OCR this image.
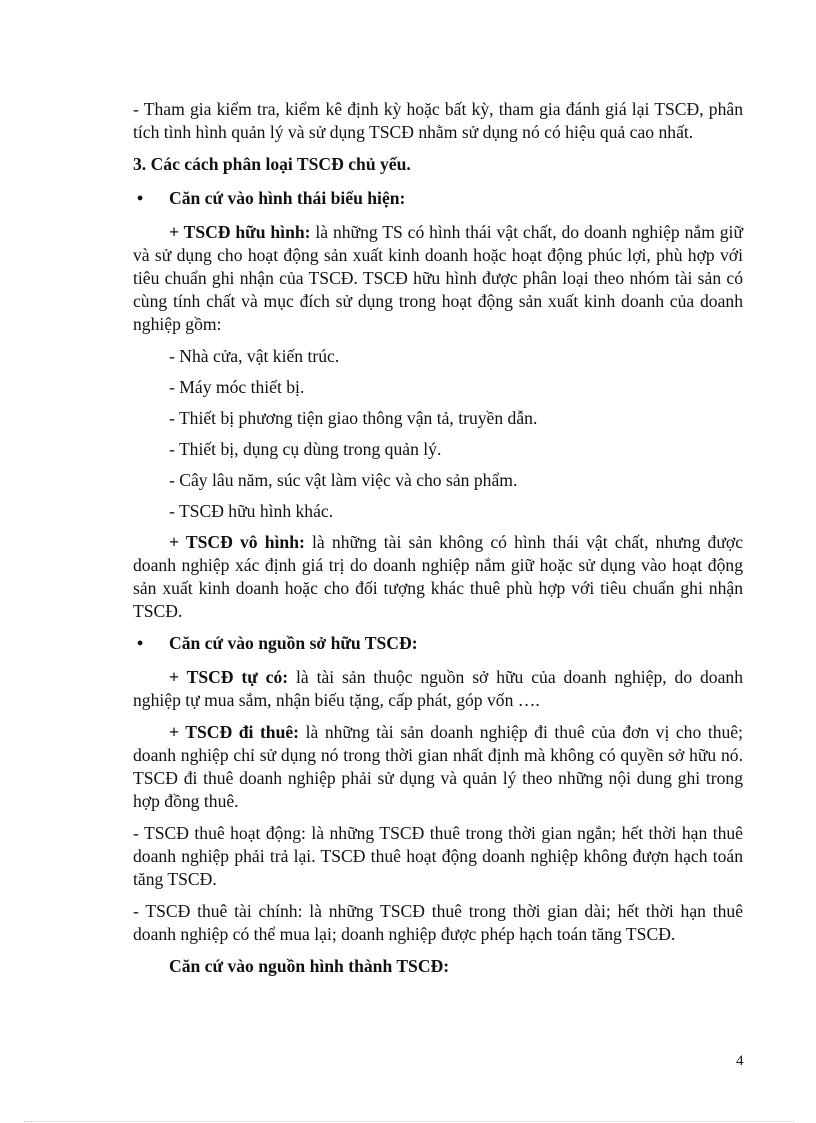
- Tham gia kiểm tra, kiểm kê định kỳ hoặc bất kỳ, tham gia đánh giá lại TSCĐ, phân tích tình hình quản lý và sử dụng TSCĐ nhằm sử dụng nó có hiệu quả cao nhất.

3. Các cách phân loại TSCĐ chủ yếu.

• Căn cứ vào hình thái biểu hiện:

+ TSCĐ hữu hình: là những TS có hình thái vật chất, do doanh nghiệp nắm giữ và sử dụng cho hoạt động sản xuất kinh doanh hoặc hoạt động phúc lợi, phù hợp với tiêu chuẩn ghi nhận của TSCĐ. TSCĐ hữu hình được phân loại theo nhóm tài sản có cùng tính chất và mục đích sử dụng trong hoạt động sản xuất kinh doanh của doanh nghiệp gồm:

- Nhà cửa, vật kiến trúc.

- Máy móc thiết bị.

- Thiết bị phương tiện giao thông vận tả, truyền dẫn.

- Thiết bị, dụng cụ dùng trong quản lý.

- Cây lâu năm, súc vật làm việc và cho sản phẩm.

- TSCĐ hữu hình khác.

+ TSCĐ vô hình: là những tài sản không có hình thái vật chất, nhưng được doanh nghiệp xác định giá trị do doanh nghiệp nắm giữ hoặc sử dụng vào hoạt động sản xuất kinh doanh hoặc cho đối tượng khác thuê phù hợp với tiêu chuẩn ghi nhận TSCĐ.

• Căn cứ vào nguồn sở hữu TSCĐ:

+ TSCĐ tự có: là tài sản thuộc nguồn sở hữu của doanh nghiệp, do doanh nghiệp tự mua sắm, nhận biếu tặng, cấp phát, góp vốn ….

+ TSCĐ đi thuê: là những tài sản doanh nghiệp đi thuê của đơn vị cho thuê; doanh nghiệp chỉ sử dụng nó trong thời gian nhất định mà không có quyền sở hữu nó. TSCĐ đi thuê doanh nghiệp phải sử dụng và quản lý theo những nội dung ghi trong hợp đồng thuê.

- TSCĐ thuê hoạt động: là những TSCĐ thuê trong thời gian ngắn; hết thời hạn thuê doanh nghiệp phải trả lại. TSCĐ thuê hoạt động doanh nghiệp không đượn hạch toán tăng TSCĐ.

- TSCĐ thuê tài chính: là những TSCĐ thuê trong thời gian dài; hết thời hạn thuê doanh nghiệp có thể mua lại; doanh nghiệp được phép hạch toán tăng TSCĐ.

Căn cứ vào nguồn hình thành TSCĐ:

4
